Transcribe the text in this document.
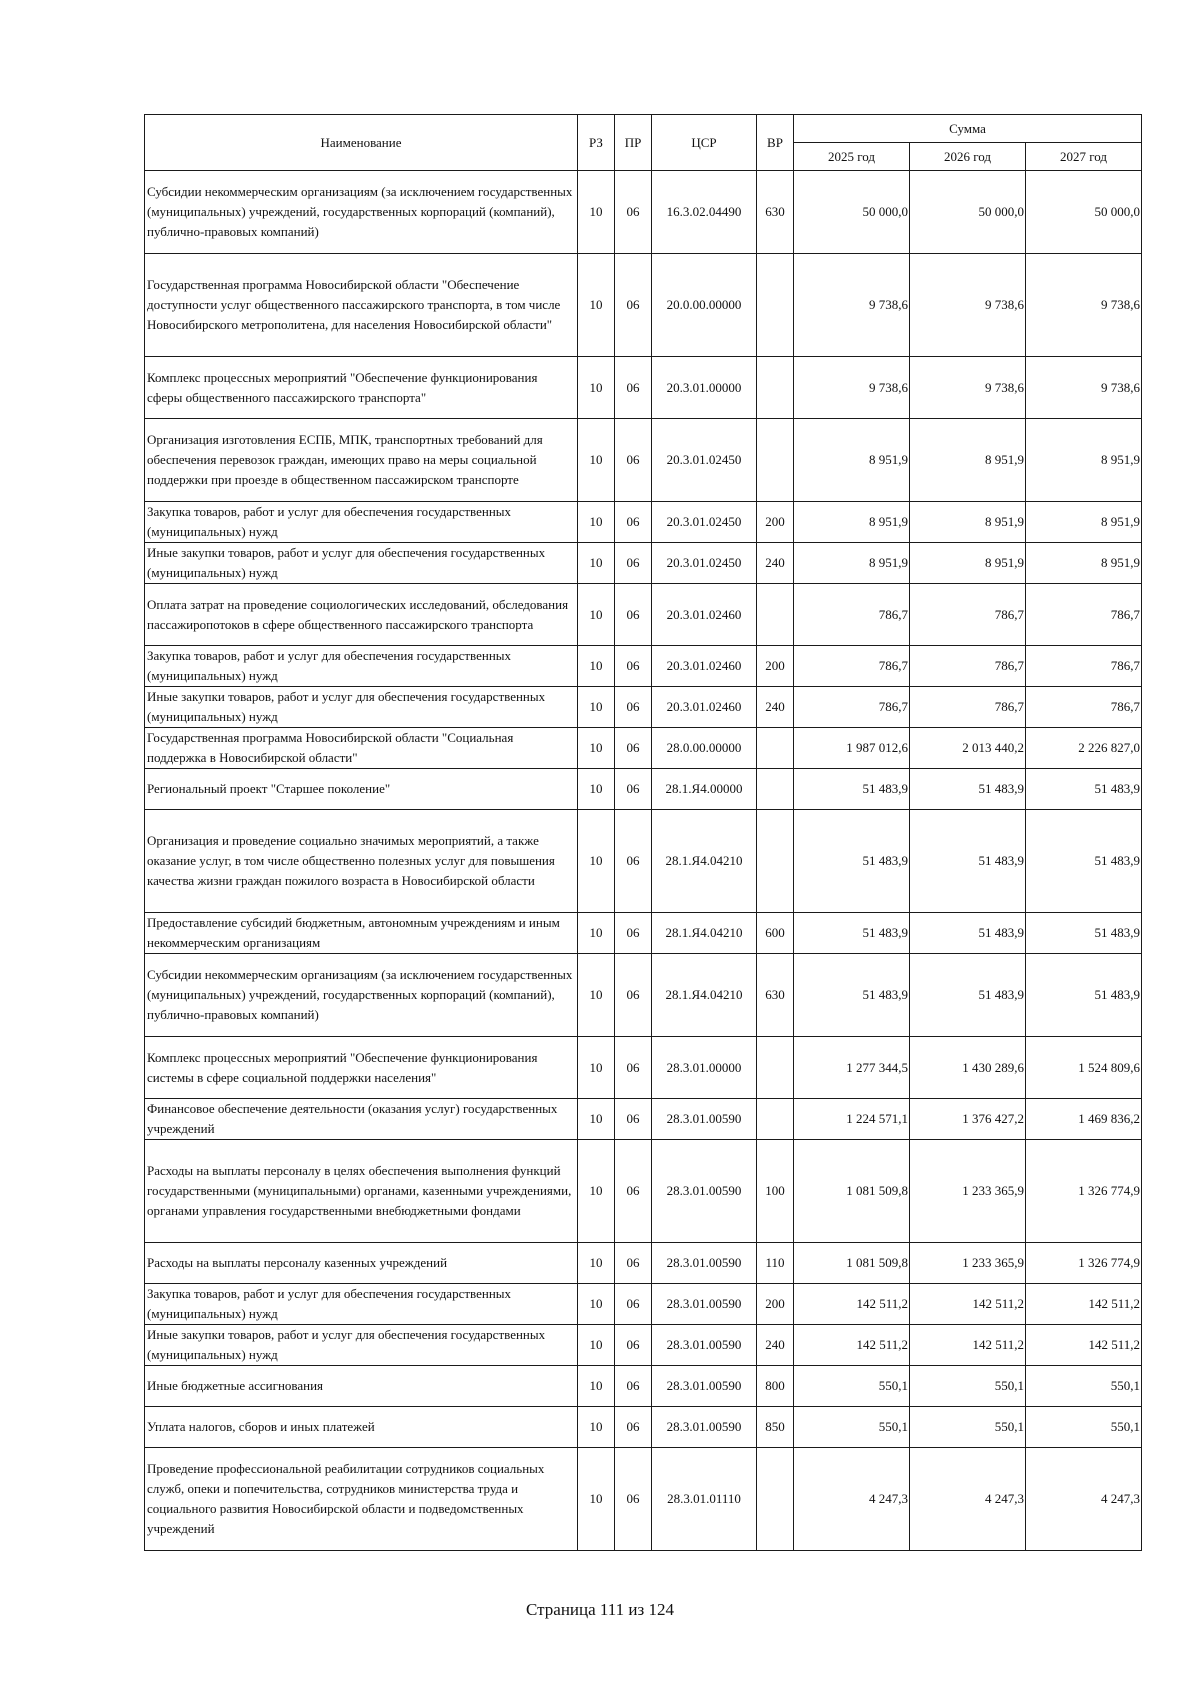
Наименование	РЗ	ПР	ЦСР	ВР	Сумма		
					2025 год	2026 год	2027 год
Субсидии некоммерческим организациям (за исключением государственных (муниципальных) учреждений, государственных корпораций (компаний), публично-правовых компаний)	10	06	16.3.02.04490	630	50 000,0	50 000,0	50 000,0
Государственная программа Новосибирской области "Обеспечение доступности услуг общественного пассажирского транспорта, в том числе Новосибирского метрополитена, для населения Новосибирской области"	10	06	20.0.00.00000		9 738,6	9 738,6	9 738,6
Комплекс процессных мероприятий "Обеспечение функционирования сферы общественного пассажирского транспорта"	10	06	20.3.01.00000		9 738,6	9 738,6	9 738,6
Организация изготовления ЕСПБ, МПК, транспортных требований для обеспечения перевозок граждан, имеющих право на меры социальной поддержки при проезде в общественном пассажирском транспорте	10	06	20.3.01.02450		8 951,9	8 951,9	8 951,9
Закупка товаров, работ и услуг для обеспечения государственных (муниципальных) нужд	10	06	20.3.01.02450	200	8 951,9	8 951,9	8 951,9
Иные закупки товаров, работ и услуг для обеспечения государственных (муниципальных) нужд	10	06	20.3.01.02450	240	8 951,9	8 951,9	8 951,9
Оплата затрат на проведение социологических исследований, обследования пассажиропотоков в сфере общественного пассажирского транспорта	10	06	20.3.01.02460		786,7	786,7	786,7
Закупка товаров, работ и услуг для обеспечения государственных (муниципальных) нужд	10	06	20.3.01.02460	200	786,7	786,7	786,7
Иные закупки товаров, работ и услуг для обеспечения государственных (муниципальных) нужд	10	06	20.3.01.02460	240	786,7	786,7	786,7
Государственная программа Новосибирской области "Социальная поддержка в Новосибирской области"	10	06	28.0.00.00000		1 987 012,6	2 013 440,2	2 226 827,0
Региональный проект "Старшее поколение"	10	06	28.1.Я4.00000		51 483,9	51 483,9	51 483,9
Организация и проведение социально значимых мероприятий, а также оказание услуг, в том числе общественно полезных услуг для повышения качества жизни граждан пожилого возраста в Новосибирской области	10	06	28.1.Я4.04210		51 483,9	51 483,9	51 483,9
Предоставление субсидий бюджетным, автономным учреждениям и иным некоммерческим организациям	10	06	28.1.Я4.04210	600	51 483,9	51 483,9	51 483,9
Субсидии некоммерческим организациям (за исключением государственных (муниципальных) учреждений, государственных корпораций (компаний), публично-правовых компаний)	10	06	28.1.Я4.04210	630	51 483,9	51 483,9	51 483,9
Комплекс процессных мероприятий "Обеспечение функционирования системы в сфере социальной поддержки населения"	10	06	28.3.01.00000		1 277 344,5	1 430 289,6	1 524 809,6
Финансовое обеспечение деятельности (оказания услуг) государственных учреждений	10	06	28.3.01.00590		1 224 571,1	1 376 427,2	1 469 836,2
Расходы на выплаты персоналу в целях обеспечения выполнения функций государственными (муниципальными) органами, казенными учреждениями, органами управления государственными внебюджетными фондами	10	06	28.3.01.00590	100	1 081 509,8	1 233 365,9	1 326 774,9
Расходы на выплаты персоналу казенных учреждений	10	06	28.3.01.00590	110	1 081 509,8	1 233 365,9	1 326 774,9
Закупка товаров, работ и услуг для обеспечения государственных (муниципальных) нужд	10	06	28.3.01.00590	200	142 511,2	142 511,2	142 511,2
Иные закупки товаров, работ и услуг для обеспечения государственных (муниципальных) нужд	10	06	28.3.01.00590	240	142 511,2	142 511,2	142 511,2
Иные бюджетные ассигнования	10	06	28.3.01.00590	800	550,1	550,1	550,1
Уплата налогов, сборов и иных платежей	10	06	28.3.01.00590	850	550,1	550,1	550,1
Проведение профессиональной реабилитации сотрудников социальных служб, опеки и попечительства, сотрудников министерства труда и социального развития Новосибирской области и подведомственных учреждений	10	06	28.3.01.01110		4 247,3	4 247,3	4 247,3
Страница 111 из 124
